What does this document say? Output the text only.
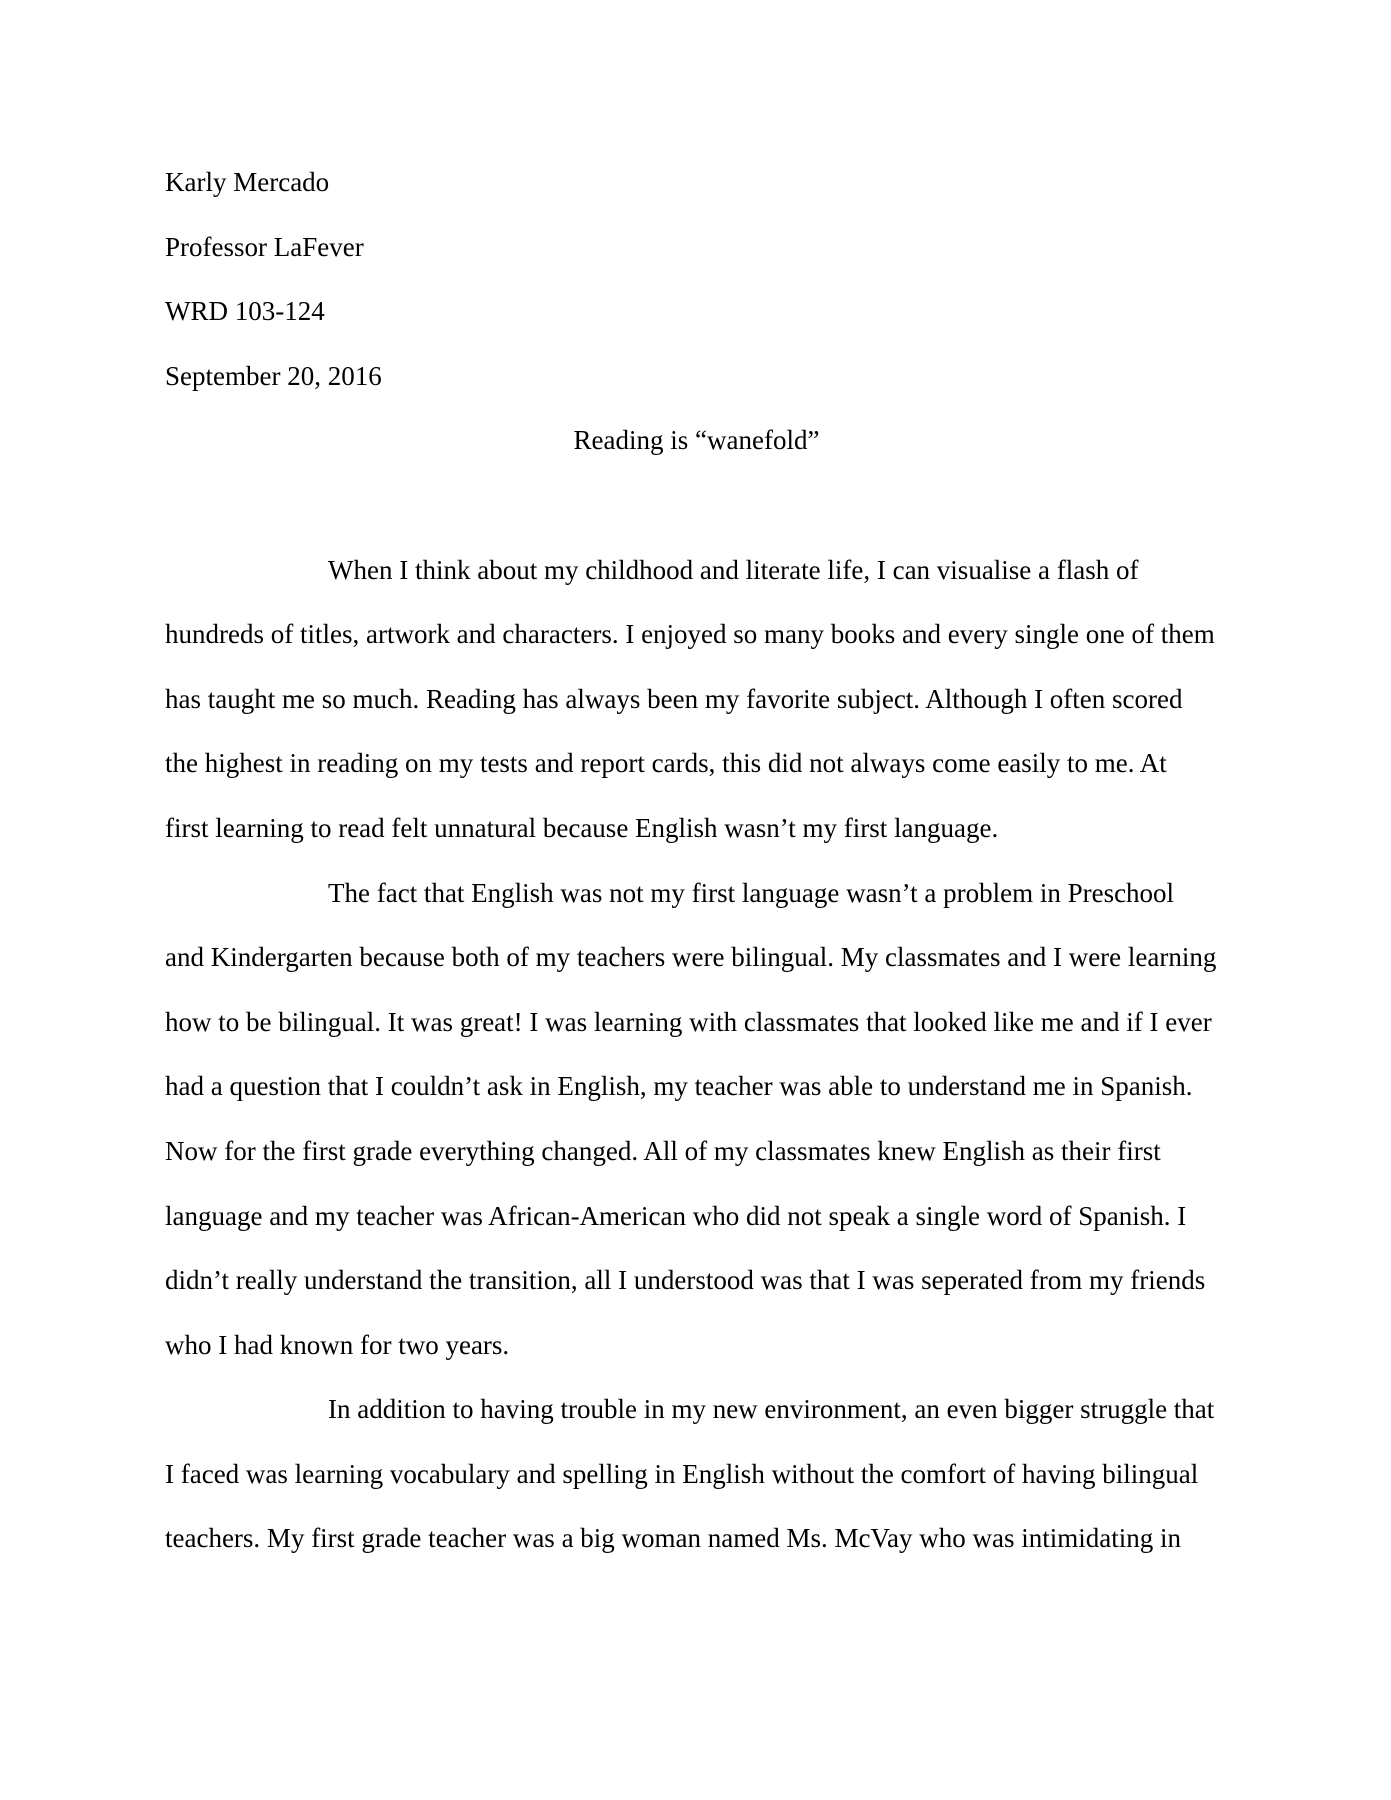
Karly Mercado
Professor LaFever
WRD 103-124
September 20, 2016
Reading is “wanefold”
When I think about my childhood and literate life, I can visualise a flash of
hundreds of titles, artwork and characters. I enjoyed so many books and every single one of them
has taught me so much. Reading has always been my favorite subject. Although I often scored
the highest in reading on my tests and report cards, this did not always come easily to me. At
first learning to read felt unnatural because English wasn’t my first language.
The fact that English was not my first language wasn’t a problem in Preschool
and Kindergarten because both of my teachers were bilingual. My classmates and I were learning
how to be bilingual. It was great! I was learning with classmates that looked like me and if I ever
had a question that I couldn’t ask in English, my teacher was able to understand me in Spanish.
Now for the first grade everything changed. All of my classmates knew English as their first
language and my teacher was African-American who did not speak a single word of Spanish. I
didn’t really understand the transition, all I understood was that I was seperated from my friends
who I had known for two years.
In addition to having trouble in my new environment, an even bigger struggle that
I faced was learning vocabulary and spelling in English without the comfort of having bilingual
teachers. My first grade teacher was a big woman named Ms. McVay who was intimidating in
